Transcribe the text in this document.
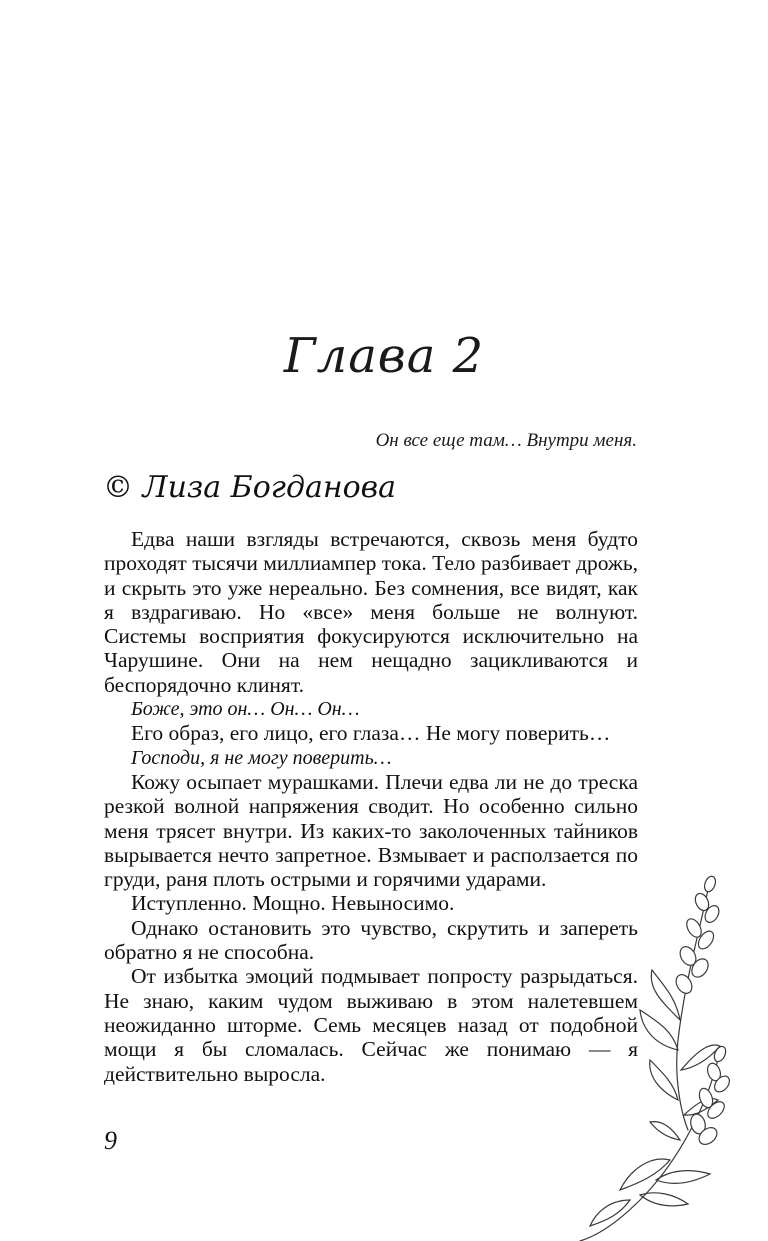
Глава 2
Он все еще там… Внутри меня.
© Лиза Богданова

Едва наши взгляды встречаются, сквозь меня будто проходят тысячи миллиампер тока. Тело разбивает дрожь, и скрыть это уже нереально. Без сомнения, все видят, как я вздрагиваю. Но «все» меня больше не волнуют. Системы восприятия фокусируются исключительно на Чарушине. Они на нем нещадно зацикливаются и беспорядочно клинят.

Боже, это он… Он… Он…

Его образ, его лицо, его глаза… Не могу поверить…

Господи, я не могу поверить…

Кожу осыпает мурашками. Плечи едва ли не до треска резкой волной напряжения сводит. Но особенно сильно меня трясет внутри. Из каких-то заколоченных тайников вырывается нечто запретное. Взмывает и расползается по груди, раня плоть острыми и горячими ударами.

Иступленно. Мощно. Невыносимо.

Однако остановить это чувство, скрутить и запереть обратно я не способна.

От избытка эмоций подмывает попросту разрыдаться. Не знаю, каким чудом выживаю в этом налетевшем неожиданно шторме. Семь месяцев назад от подобной мощи я бы сломалась. Сейчас же понимаю — я действительно выросла.

9
